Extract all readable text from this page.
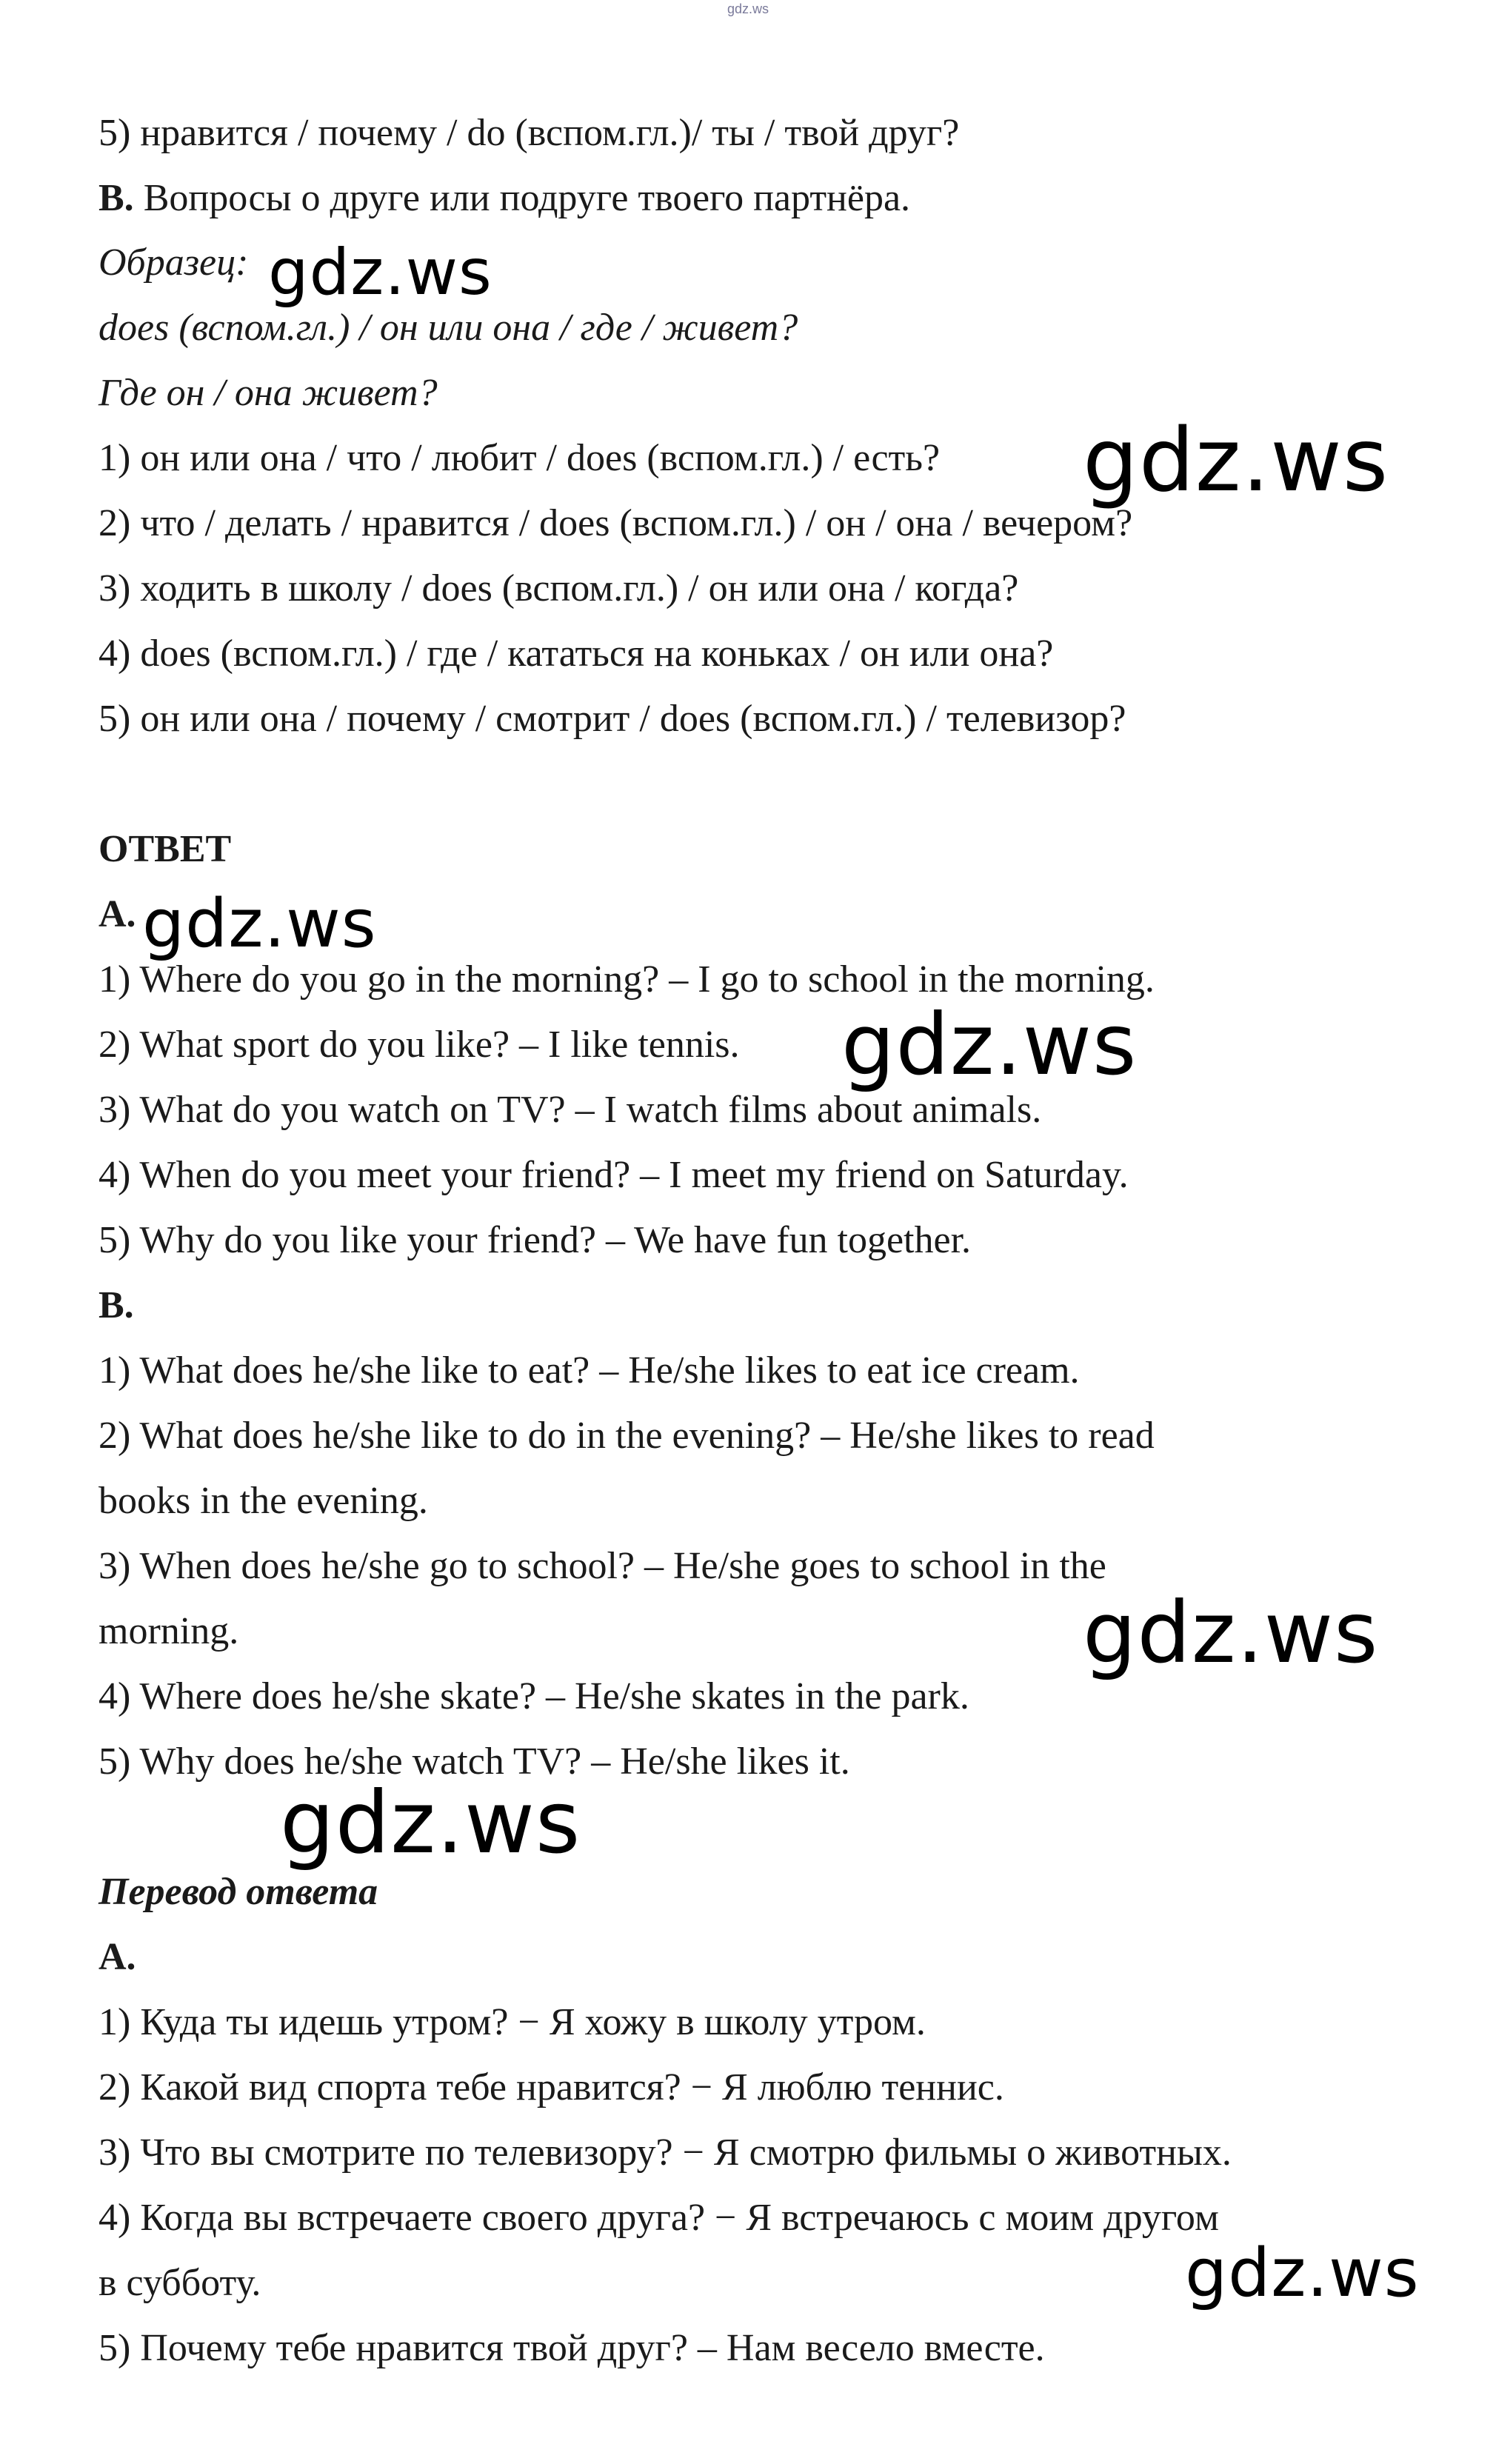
gdz.ws
5) нравится / почему / do (вспом.гл.)/ ты / твой друг?
B. Вопросы о друге или подруге твоего партнёра.
Образец:
does (вспом.гл.) / он или она / где / живет?
Где он / она живет?
1) он или она / что / любит / does (вспом.гл.) / есть?
2) что / делать / нравится / does (вспом.гл.) / он / она / вечером?
3) ходить в школу / does (вспом.гл.) / он или она / когда?
4) does (вспом.гл.) / где / кататься на коньках / он или она?
5) он или она / почему / смотрит / does (вспом.гл.) / телевизор?
ОТВЕТ
A.
1) Where do you go in the morning? – I go to school in the morning.
2) What sport do you like? – I like tennis.
3) What do you watch on TV? – I watch films about animals.
4) When do you meet your friend? – I meet my friend on Saturday.
5) Why do you like your friend? – We have fun together.
B.
1) What does he/she like to eat? – He/she likes to eat ice cream.
2) What does he/she like to do in the evening? – He/she likes to read
books in the evening.
3) When does he/she go to school? – He/she goes to school in the
morning.
4) Where does he/she skate? – He/she skates in the park.
5) Why does he/she watch TV? – He/she likes it.
Перевод ответа
A.
1) Куда ты идешь утром? − Я хожу в школу утром.
2) Какой вид спорта тебе нравится? − Я люблю теннис.
3) Что вы смотрите по телевизору? − Я смотрю фильмы о животных.
4) Когда вы встречаете своего друга? − Я встречаюсь с моим другом
в субботу.
5) Почему тебе нравится твой друг? – Нам весело вместе.
gdz.ws
gdz.ws
gdz.ws
gdz.ws
gdz.ws
gdz.ws
gdz.ws
